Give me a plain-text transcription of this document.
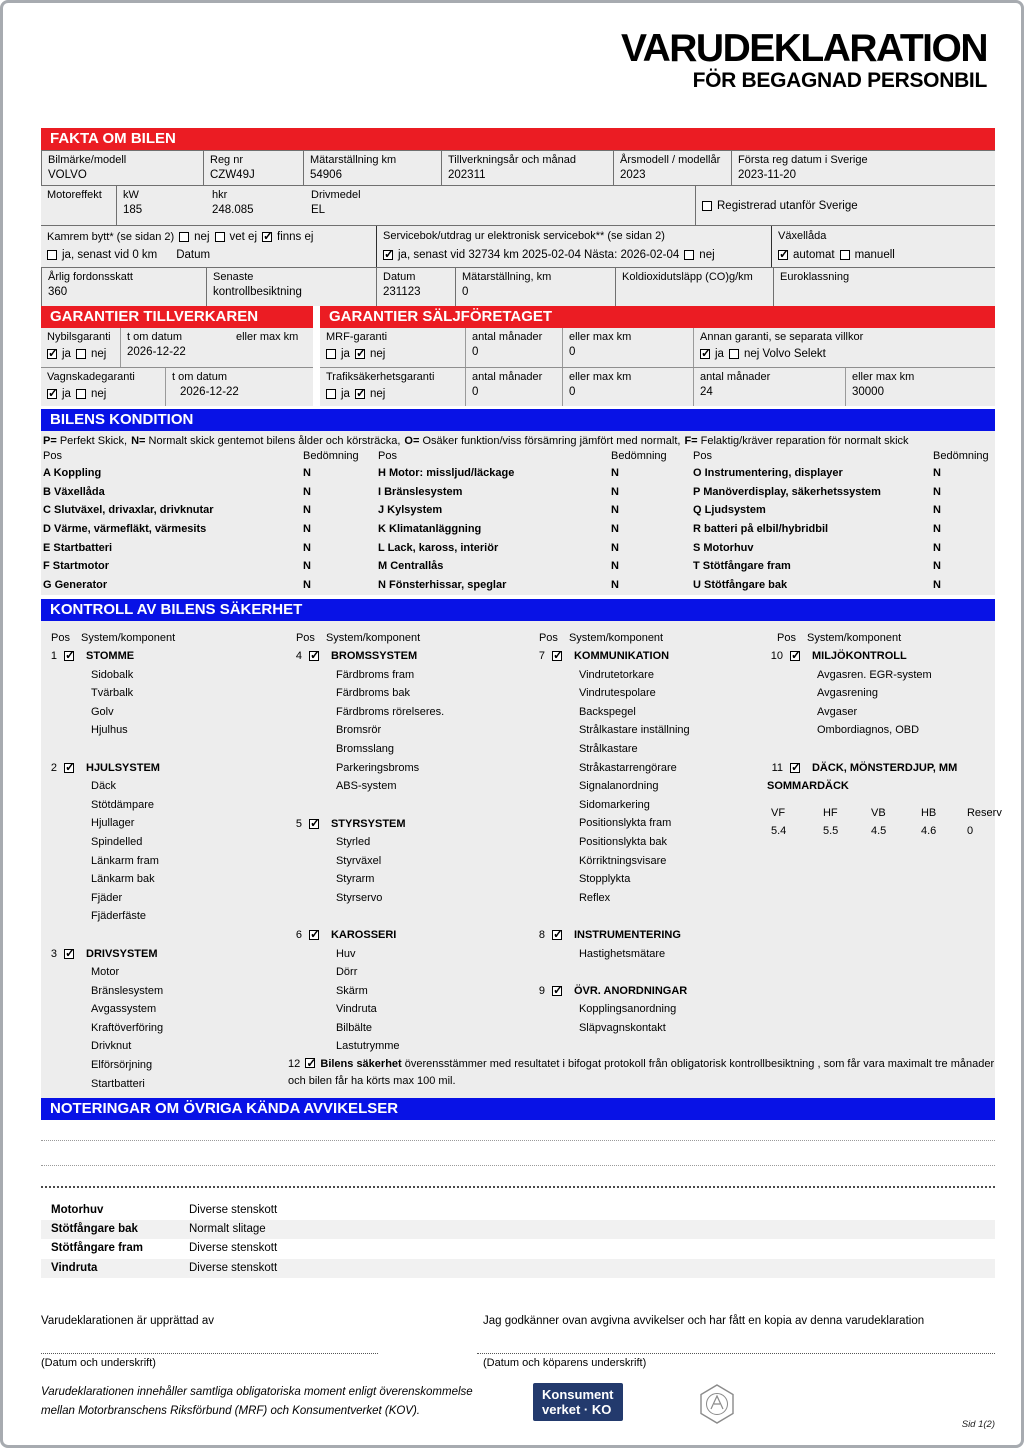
VARUDEKLARATION
FÖR BEGAGNAD PERSONBIL
FAKTA OM BILEN
Bilmärke/modell
VOLVO
Reg nr
CZW49J
Mätarställning km
54906
Tillverkningsår och månad
202311
Årsmodell / modellår
2023
Första reg datum i Sverige
2023-11-20
Motoreffekt	kW
185
hkr
248.085
Drivmedel
EL	Registrerad utanför Sverige
Kamrem bytt* (se sidan 2) nej vet ej ✓ finns ej
ja, senast vid 0 km Datum
Servicebok/utdrag ur elektronisk servicebok** (se sidan 2)
✓
ja, senast vid 32734 km 2025-02-04 Nästa: 2026-02-04 nej
Växellåda
✓
automat manuell
Årlig fordonsskatt
360
Senaste
kontrollbesiktning
Datum
231123
Mätarställning, km
0
Koldioxidutsläpp (CO)g/km	Euroklassning
GARANTIER TILLVERKAREN
Nybilsgaranti
✓
ja nej
t om datum
2026-12-22
eller max km
Vagnskadegaranti
✓
ja nej
t om datum
2026-12-22
GARANTIER SÄLJFÖRETAGET
MRF-garanti
ja ✓ nej
antal månader
0
eller max km
0
Annan garanti, se separata villkor
✓
ja nej Volvo Selekt
Trafiksäkerhetsgaranti
ja ✓ nej
antal månader
0
eller max km
0
antal månader
24
eller max km
30000
BILENS KONDITION
P= Perfekt Skick, N= Normalt skick gentemot bilens ålder och körsträcka, O= Osäker funktion/viss försämring jämfört med normalt, F= Felaktig/kräver reparation för normalt skick
Pos	Bedömning
A Koppling	N
B Växellåda	N
C Slutväxel, drivaxlar, drivknutar	N
D Värme, värmefläkt, värmesits	N
E Startbatteri	N
F Startmotor	N
G Generator	N
Pos	Bedömning
H Motor: missljud/läckage	N
I Bränslesystem	N
J Kylsystem	N
K Klimatanläggning	N
L Lack, kaross, interiör	N
M Centrallås	N
N Fönsterhissar, speglar	N
Pos	Bedömning
O Instrumentering, displayer	N
P Manöverdisplay, säkerhetssystem	N
Q Ljudsystem	N
R batteri på elbil/hybridbil	N
S Motorhuv	N
T Stötfångare fram	N
U Stötfångare bak	N
KONTROLL AV BILENS SÄKERHET
Pos	System/komponent
1 ✓	STOMME
Sidobalk
Tvärbalk
Golv
Hjulhus
2 ✓	HJULSYSTEM
Däck
Stötdämpare
Hjullager
Spindelled
Länkarm fram
Länkarm bak
Fjäder
Fjäderfäste
3 ✓	DRIVSYSTEM
Motor
Bränslesystem
Avgassystem
Kraftöverföring
Drivknut
Elförsörjning
Startbatteri
Pos	System/komponent
4 ✓	BROMSSYSTEM
Färdbroms fram
Färdbroms bak
Färdbroms rörelseres.
Bromsrör
Bromsslang
Parkeringsbroms
ABS-system
5 ✓	STYRSYSTEM
Styrled
Styrväxel
Styrarm
Styrservo
6 ✓	KAROSSERI
Huv
Dörr
Skärm
Vindruta
Bilbälte
Lastutrymme
Pos	System/komponent
7 ✓	KOMMUNIKATION
Vindrutetorkare
Vindrutespolare
Backspegel
Strålkastare inställning
Strålkastare
Stråkastarrengörare
Signalanordning
Sidomarkering
Positionslykta fram
Positionslykta bak
Körriktningsvisare
Stopplykta
Reflex
8 ✓	INSTRUMENTERING
Hastighetsmätare
9 ✓	ÖVR. ANORDNINGAR
Kopplingsanordning
Släpvagnskontakt
Pos	System/komponent
10 ✓	MILJÖKONTROLL
Avgasren. EGR-system
Avgasrening
Avgaser
Ombordiagnos, OBD
11 ✓	DÄCK, MÖNSTERDJUP, MM
SOMMARDÄCK
VF	HF	VB	HB	Reserv
5.4	5.5	4.5	4.6	0
12 ✓ Bilens säkerhet överensstämmer med resultatet i bifogat protokoll från obligatorisk kontrollbesiktning , som får vara maximalt tre månader och bilen får ha körts max 100 mil.
NOTERINGAR OM ÖVRIGA KÄNDA AVVIKELSER
Motorhuv	Diverse stenskott
Stötfångare bak	Normalt slitage
Stötfångare fram	Diverse stenskott
Vindruta	Diverse stenskott
Varudeklarationen är upprättad av	Jag godkänner ovan avgivna avvikelser och har fått en kopia av denna varudeklaration
(Datum och underskrift)	(Datum och köparens underskrift)
Varudeklarationen innehåller samtliga obligatoriska moment enligt överenskommelse mellan Motorbranschens Riksförbund (MRF) och Konsumentverket (KOV).
Konsument
verket · KO
Sid 1(2)
